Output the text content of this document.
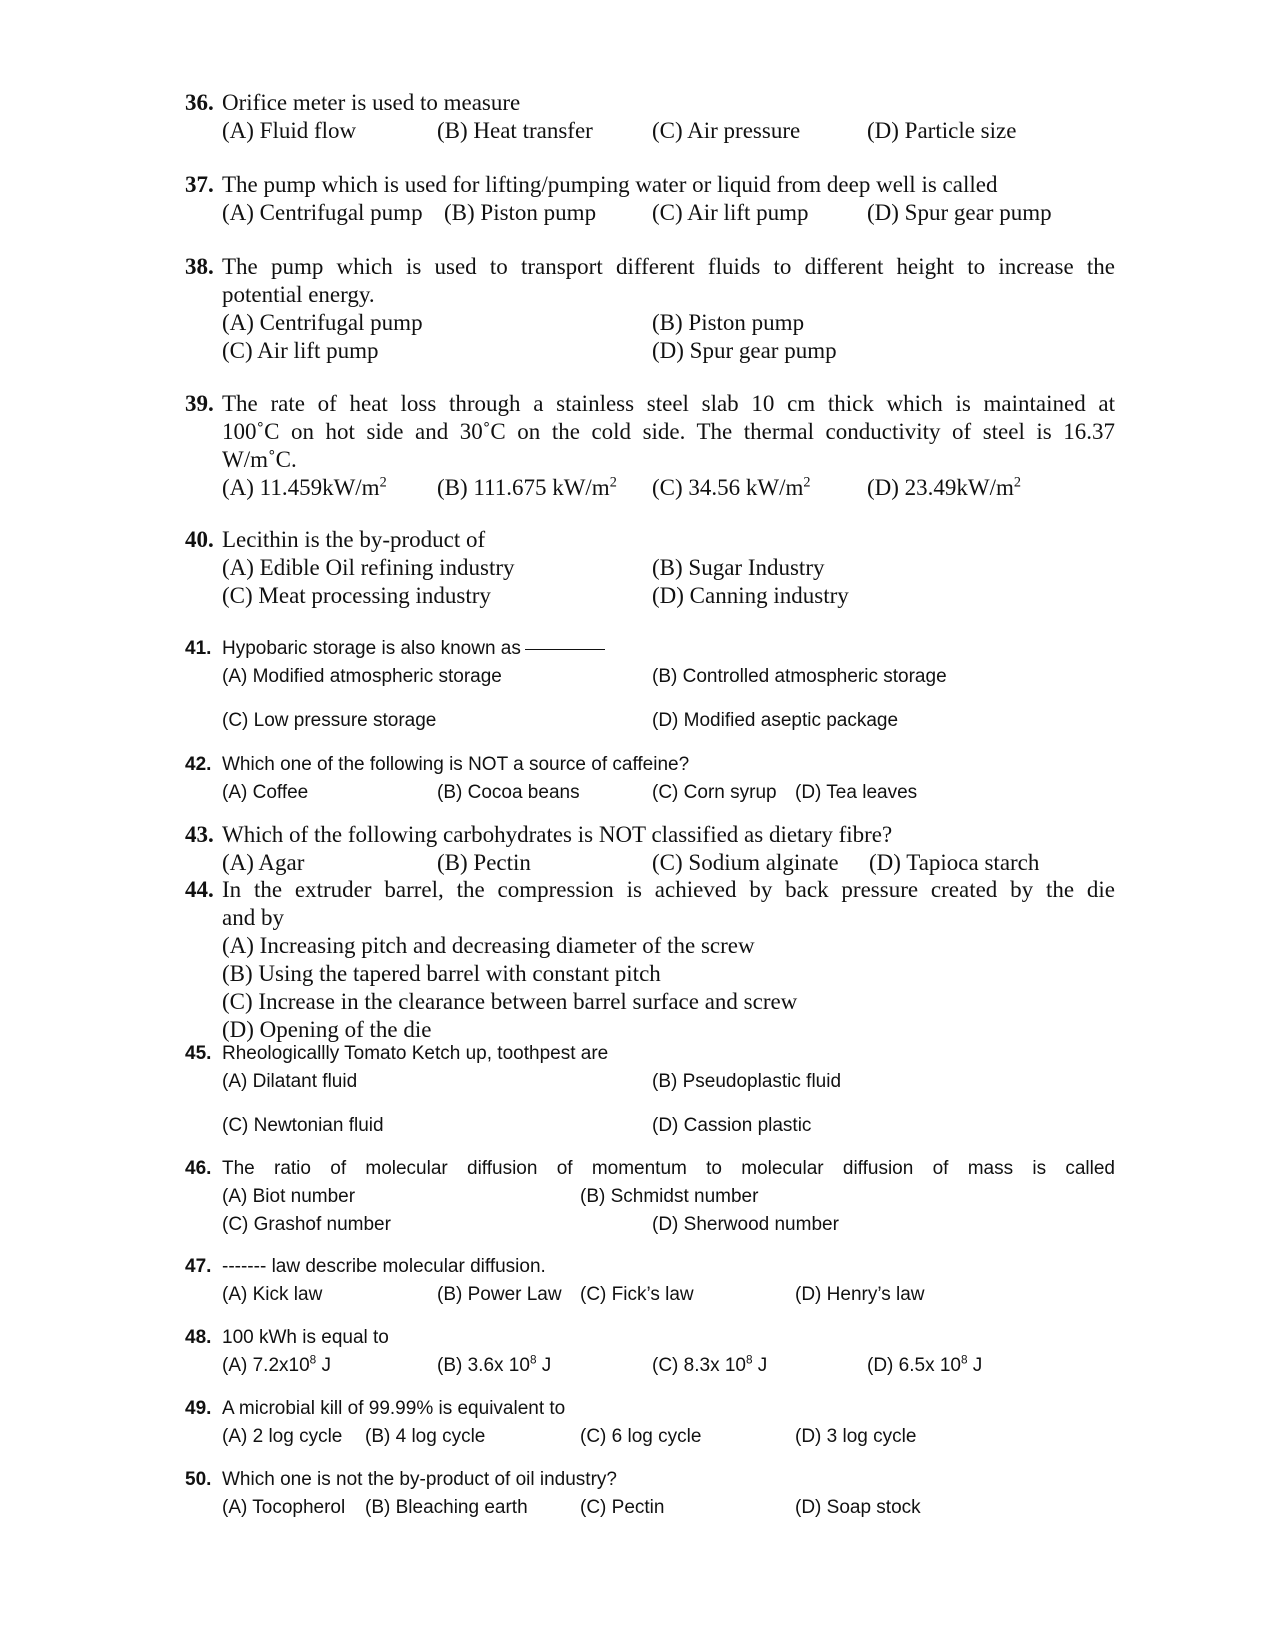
36. Orifice meter is used to measure
(A) Fluid flow	(B) Heat transfer	(C) Air pressure	(D) Particle size
37. The pump which is used for lifting/pumping water or liquid from deep well is called
(A) Centrifugal pump (B) Piston pump (C) Air lift pump	(D) Spur gear pump
38. The pump which is used to transport different fluids to different height to increase the
potential energy.
(A) Centrifugal pump	(B) Piston pump
(C) Air lift pump	(D) Spur gear pump
39. The rate of heat loss through a stainless steel slab 10 cm thick which is maintained at
100˚C on hot side and 30˚C on the cold side. The thermal conductivity of steel is 16.37
W/m˚C.
(A) $11.459kW/m^2$ (B) 111.675 $kW/m^2$ (C) 34.56 $kW/m^2$ (D) $23.49kW/m^2$
40. Lecithin is the by-product of
(A) Edible Oil refining industry	(B) Sugar Industry
(C) Meat processing industry	(D) Canning industry
41. Hypobaric storage is also known as
(A) Modified atmospheric storage	(B) Controlled atmospheric storage
(C) Low pressure storage	(D) Modified aseptic package
42. Which one of the following is NOT a source of caffeine?
(A) Coffee	(B) Cocoa beans	(C) Corn syrup (D) Tea leaves
43. Which of the following carbohydrates is NOT classified as dietary fibre?
(A) Agar	(B) Pectin	(C) Sodium alginate (D) Tapioca starch
44. In the extruder barrel, the compression is achieved by back pressure created by the die
and by
(A) Increasing pitch and decreasing diameter of the screw
(B) Using the tapered barrel with constant pitch
(C) Increase in the clearance between barrel surface and screw
(D) Opening of the die
45. Rheologicallly Tomato Ketch up, toothpest are
(A) Dilatant fluid	(B) Pseudoplastic fluid
(C) Newtonian fluid	(D) Cassion plastic
46. The ratio of molecular diffusion of momentum to molecular diffusion of mass is called
(A) Biot number	(B) Schmidst number
(C) Grashof number	(D) Sherwood number
47. ------- law describe molecular diffusion.
(A) Kick law	(B) Power Law (C) Fick’s law	(D) Henry’s law
48. 100 kWh is equal to
(A) $7.2x10^8$ J	(B) 3.6x $10^8$ J	(C) 8.3x $10^8$ J	(D) 6.5x $10^8$ J
49. A microbial kill of 99.99% is equivalent to
(A) 2 log cycle (B) 4 log cycle	(C) 6 log cycle	(D) 3 log cycle
50. Which one is not the by-product of oil industry?
(A) Tocopherol (B) Bleaching earth	(C) Pectin	(D) Soap stock
